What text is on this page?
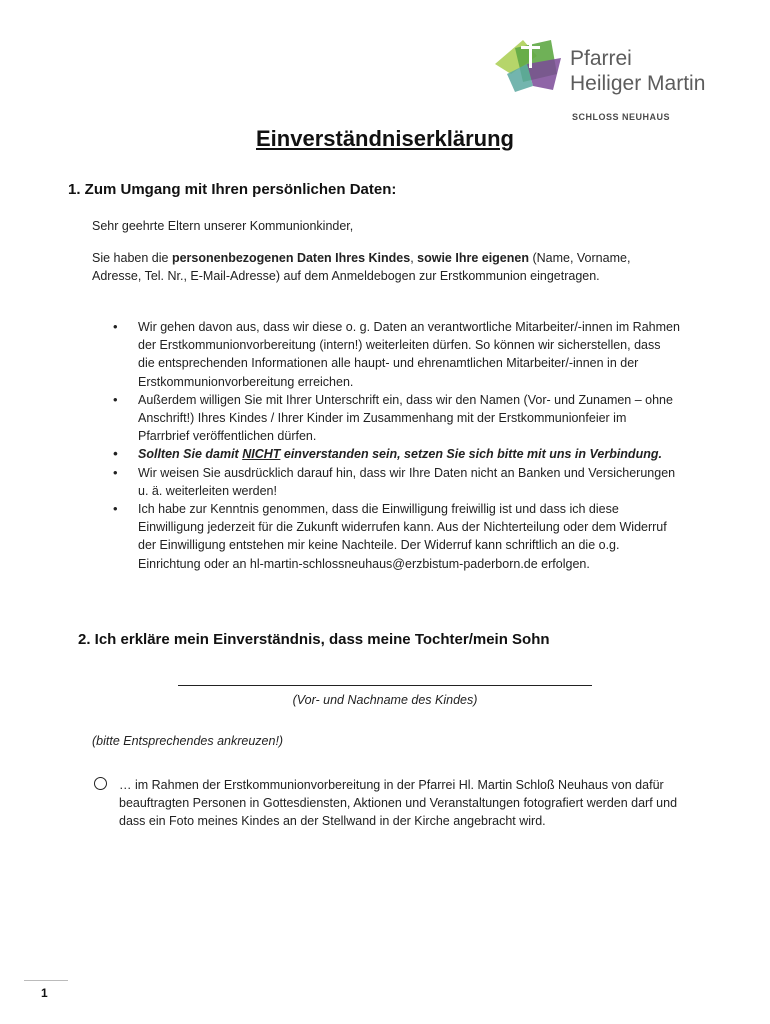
Pfarrei
Heiliger Martin
SCHLOSS NEUHAUS
Einverständniserklärung
1. Zum Umgang mit Ihren persönlichen Daten:
Sehr geehrte Eltern unserer Kommunionkinder,
Sie haben die personenbezogenen Daten Ihres Kindes, sowie Ihre eigenen (Name, Vorname, Adresse, Tel. Nr., E-Mail-Adresse) auf dem Anmeldebogen zur Erstkommunion eingetragen.
• Wir gehen davon aus, dass wir diese o. g. Daten an verantwortliche Mitarbeiter/-innen im Rahmen der Erstkommunionvorbereitung (intern!) weiterleiten dürfen. So können wir sicherstellen, dass die entsprechenden Informationen alle haupt- und ehrenamtlichen Mitarbeiter/-innen in der Erstkommunionvorbereitung erreichen.
• Außerdem willigen Sie mit Ihrer Unterschrift ein, dass wir den Namen (Vor- und Zunamen – ohne Anschrift!) Ihres Kindes / Ihrer Kinder im Zusammenhang mit der Erstkommunionfeier im Pfarrbrief veröffentlichen dürfen.
• Sollten Sie damit NICHT einverstanden sein, setzen Sie sich bitte mit uns in Verbindung.
• Wir weisen Sie ausdrücklich darauf hin, dass wir Ihre Daten nicht an Banken und Versicherungen u. ä. weiterleiten werden!
• Ich habe zur Kenntnis genommen, dass die Einwilligung freiwillig ist und dass ich diese Einwilligung jederzeit für die Zukunft widerrufen kann. Aus der Nichterteilung oder dem Widerruf der Einwilligung entstehen mir keine Nachteile. Der Widerruf kann schriftlich an die o.g. Einrichtung oder an hl-martin-schlossneuhaus@erzbistum-paderborn.de erfolgen.
2. Ich erkläre mein Einverständnis, dass meine Tochter/mein Sohn
(Vor- und Nachname des Kindes)
(bitte Entsprechendes ankreuzen!)
… im Rahmen der Erstkommunionvorbereitung in der Pfarrei Hl. Martin Schloß Neuhaus von dafür beauftragten Personen in Gottesdiensten, Aktionen und Veranstaltungen fotografiert werden darf und dass ein Foto meines Kindes an der Stellwand in der Kirche angebracht wird.
1
